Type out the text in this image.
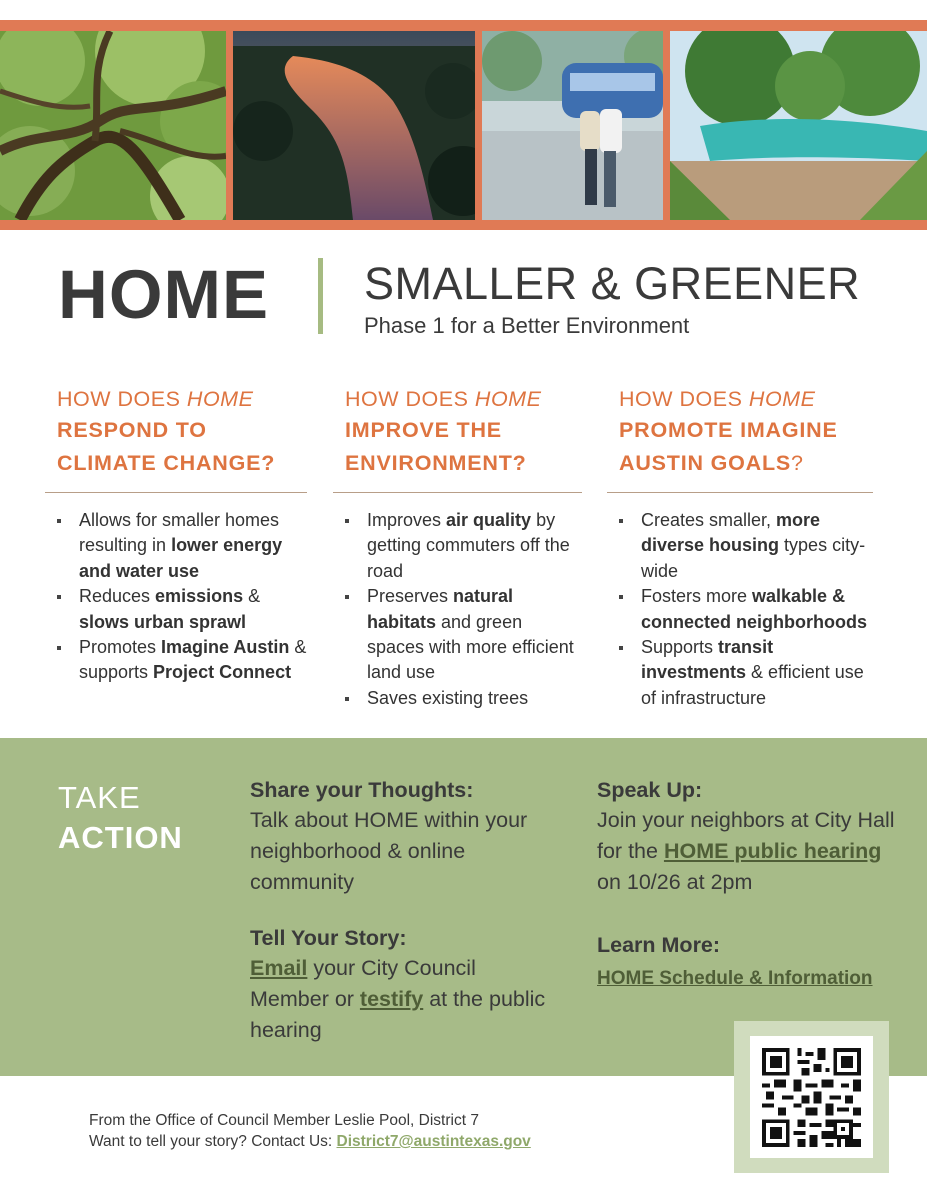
HOME SMALLER & GREENER
Phase 1 for a Better Environment
HOW DOES HOME
RESPOND TO
CLIMATE CHANGE?
Allows for smaller homes resulting in lower energy and water use
Reduces emissions & slows urban sprawl
Promotes Imagine Austin & supports Project Connect
HOW DOES HOME
IMPROVE THE
ENVIRONMENT?
Improves air quality by getting commuters off the road
Preserves natural habitats and green spaces with more efficient land use
Saves existing trees
HOW DOES HOME
PROMOTE IMAGINE
AUSTIN GOALS?
Creates smaller, more diverse housing types city-wide
Fosters more walkable & connected neighborhoods
Supports transit investments & efficient use of infrastructure
TAKE
ACTION
Share your Thoughts:

Talk about HOME within your neighborhood & online community

Tell Your Story:

Email your City Council Member or testify at the public hearing

Speak Up:

Join your neighbors at City Hall for the HOME public hearing on 10/26 at 2pm

Learn More:
HOME Schedule & Information
From the Office of Council Member Leslie Pool, District 7
Want to tell your story? Contact Us: District7@austintexas.gov
